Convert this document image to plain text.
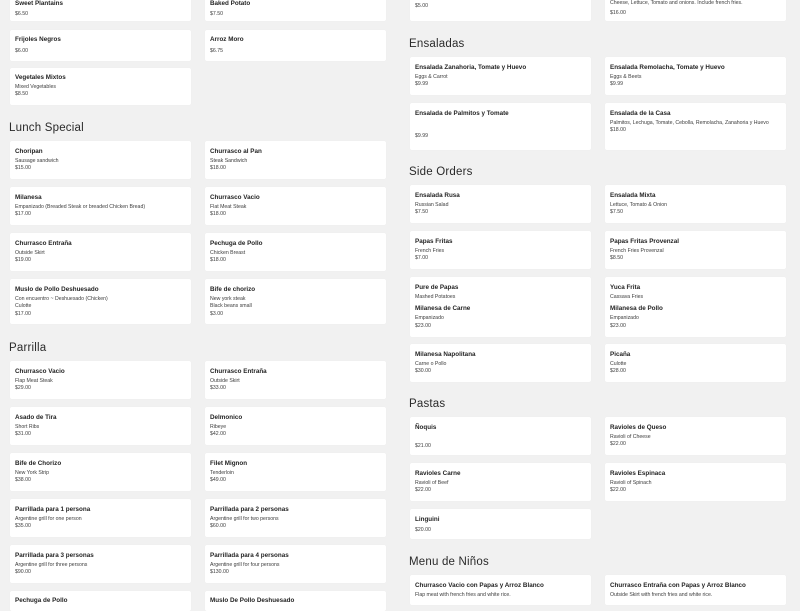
Sweet Plantains
$6.50
Baked Potato
$7.50
Frijoles Negros
$6.00
Arroz Moro
$6.75
Vegetales Mixtos
Mixed Vegetables
$8.50
Lunch Special
Choripan
Sausage sandwich
$15.00
Churrasco al Pan
Steak Sandwich
$18.00
Milanesa
Empanizado (Breaded Steak or breaded Chicken Bread)
$17.00
Churrasco Vacio
Flat Meat Steak
$18.00
Churrasco Entraña
Outside Skirt
$19.00
Pechuga de Pollo
Chicken Breast
$18.00
Muslo de Pollo Deshuesado
Con encuentro ~ Deshuesado (Chicken)
Culotte
$17.00
Bife de chorizo
New york steak
Black beans small
$3.00
Parrilla
Churrasco Vacio
Flap Meat Steak
$29.00
Churrasco Entraña
Outside Skirt
$33.00
Asado de Tira
Short Ribs
$31.00
Delmonico
Ribeye
$42.00
Bife de Chorizo
New York Strip
$38.00
Filet Mignon
Tenderloin
$49.00
Parrillada para 1 persona
Argentine grill for one person
$35.00
Parrillada para 2 personas
Argentine grill for two persons
$60.00
Parrillada para 3 personas
Argentine grill for three persons
$90.00
Parrillada para 4 personas
Argentine grill for four persons
$130.00
Pechuga de Pollo	Muslo De Pollo Deshuesado
$5.00	Cheese, Lettuce, Tomato and onions. Include french fries.
$16.00
Ensaladas
Ensalada Zanahoria, Tomate y Huevo
Eggs & Carrot
$9.99
Ensalada Remolacha, Tomate y Huevo
Eggs & Beets
$9.99
Ensalada de Palmitos y Tomate
$9.99
Ensalada de la Casa
Palmitos, Lechuga, Tomate, Cebolla, Remolacha, Zanahoria y Huevo
$18.00
Side Orders
Ensalada Rusa
Russian Salad
$7.50
Ensalada Mixta
Lettuce, Tomato & Onion
$7.50
Papas Fritas
French Fries
$7.00
Papas Fritas Provenzal
French Fries Provenzal
$8.50
Pure de Papas
Mashed Potatoes
Milanesa de Carne
Empanizado
$23.00
Yuca Frita
Cassava Fries
Milanesa de Pollo
Empanizado
$23.00
Milanesa Napolitana
Carne o Pollo
$30.00
Picaña
Culotte
$28.00
Pastas
Ñoquis
$21.00
Ravioles de Queso
Ravioli of Cheese
$22.00
Ravioles Carne
Ravioli of Beef
$22.00
Ravioles Espinaca
Ravioli of Spinach
$22.00
Linguini
$20.00
Menu de Niños
Churrasco Vacio con Papas y Arroz Blanco
Flap meat with french fries and white rice.
Churrasco Entraña con Papas y Arroz Blanco
Outside Skirt with french fries and white rice.
